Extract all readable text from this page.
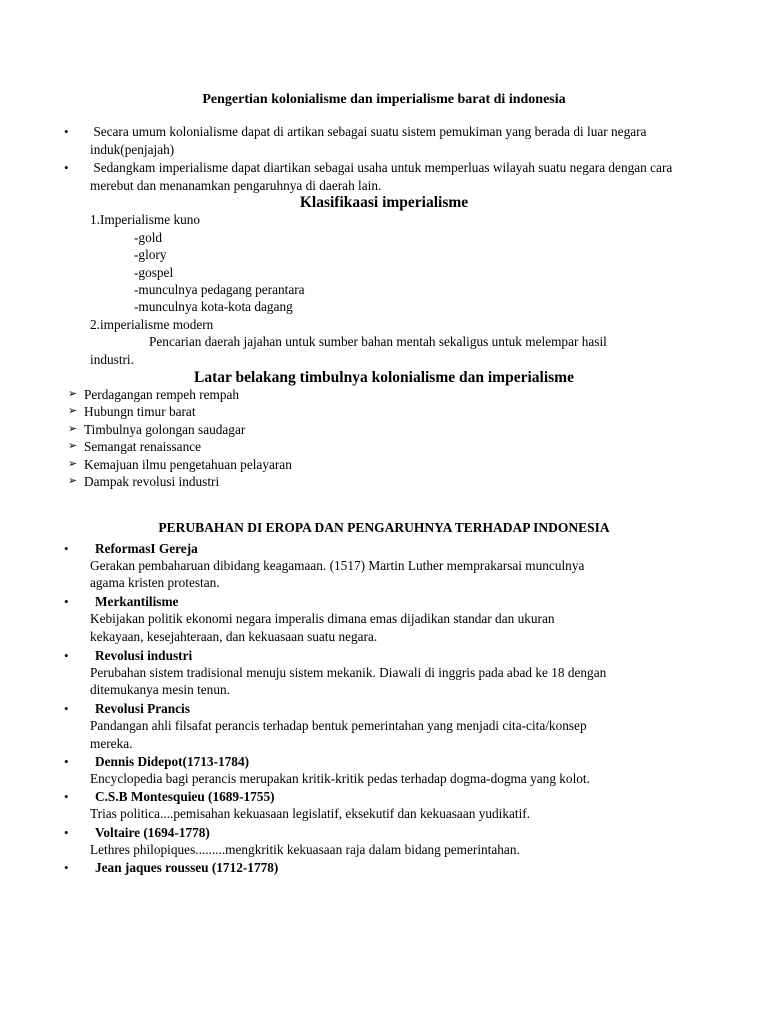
Pengertian kolonialisme dan imperialisme barat di indonesia
• Secara umum kolonialisme dapat di artikan sebagai suatu sistem pemukiman yang berada di luar negara induk(penjajah)
• Sedangkam imperialisme dapat diartikan sebagai usaha untuk memperluas wilayah suatu negara dengan cara merebut dan menanamkan pengaruhnya di daerah lain.
Klasifikaasi imperialisme
1.Imperialisme kuno
-gold
-glory
-gospel
-munculnya pedagang perantara
-munculnya kota-kota dagang
2.imperialisme modern
Pencarian daerah jajahan untuk sumber bahan mentah sekaligus untuk melempar hasil
industri.
Latar belakang timbulnya kolonialisme dan imperialisme
➢ Perdagangan rempeh rempah
➢ Hubungn timur barat
➢ Timbulnya golongan saudagar
➢ Semangat renaissance
➢ Kemajuan ilmu pengetahuan pelayaran
➢ Dampak revolusi industri
PERUBAHAN DI EROPA DAN PENGARUHNYA TERHADAP INDONESIA
• ReformasI Gereja
Gerakan pembaharuan dibidang keagamaan. (1517) Martin Luther memprakarsai munculnya
agama kristen protestan.
• Merkantilisme
Kebijakan politik ekonomi negara imperalis dimana emas dijadikan standar dan ukuran
kekayaan, kesejahteraan, dan kekuasaan suatu negara.
• Revolusi industri
Perubahan sistem tradisional menuju sistem mekanik. Diawali di inggris pada abad ke 18 dengan
ditemukanya mesin tenun.
• Revolusi Prancis
Pandangan ahli filsafat perancis terhadap bentuk pemerintahan yang menjadi cita-cita/konsep
mereka.
• Dennis Didepot(1713-1784)
Encyclopedia bagi perancis merupakan kritik-kritik pedas terhadap dogma-dogma yang kolot.
• C.S.B Montesquieu (1689-1755)
Trias politica....pemisahan kekuasaan legislatif, eksekutif dan kekuasaan yudikatif.
• Voltaire (1694-1778)
Lethres philopiques.........mengkritik kekuasaan raja dalam bidang pemerintahan.
• Jean jaques rousseu (1712-1778)
